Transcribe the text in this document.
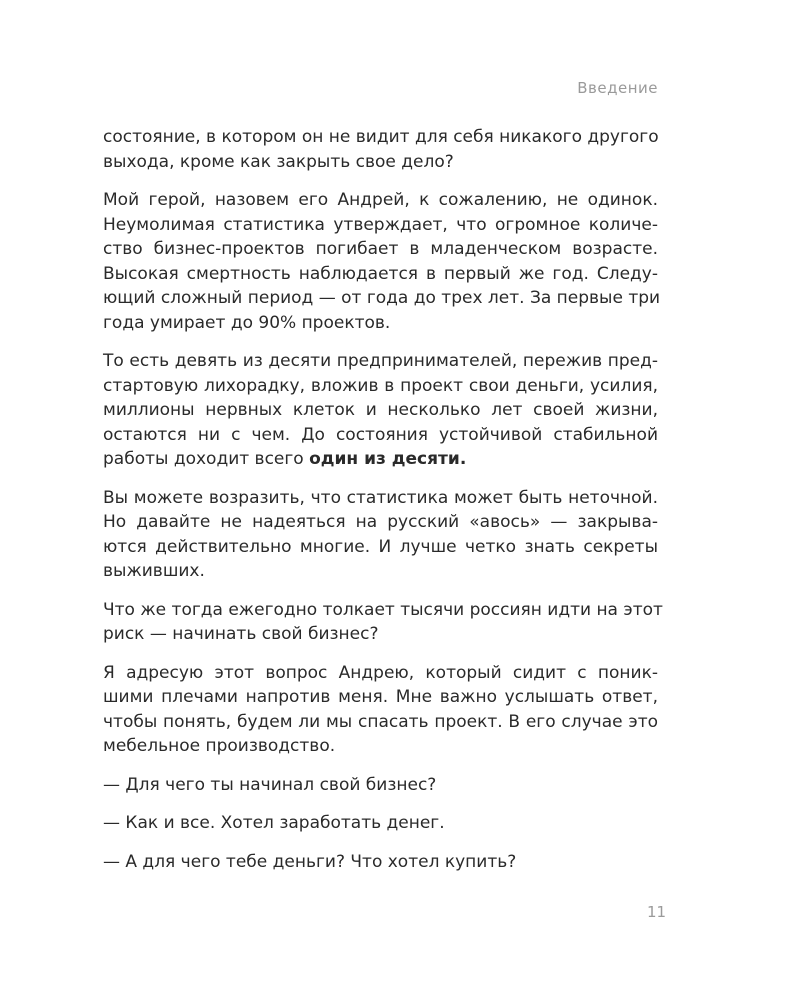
Введение

состояние, в котором он не видит для себя никакого другого
выхода, кроме как закрыть свое дело?

Мой герой, назовем его Андрей, к сожалению, не одинок.
Неумолимая статистика утверждает, что огромное количе-
ство бизнес-проектов погибает в младенческом возрасте.
Высокая смертность наблюдается в первый же год. Следу-
ющий сложный период — от года до трех лет. За первые три
года умирает до 90% проектов.

То есть девять из десяти предпринимателей, пережив пред-
стартовую лихорадку, вложив в проект свои деньги, усилия,
миллионы нервных клеток и несколько лет своей жизни,
остаются ни с чем. До состояния устойчивой стабильной
работы доходит всего один из десяти.

Вы можете возразить, что статистика может быть неточной.
Но давайте не надеяться на русский «авось» — закрыва-
ются действительно многие. И лучше четко знать секреты
выживших.

Что же тогда ежегодно толкает тысячи россиян идти на этот
риск — начинать свой бизнес?

Я адресую этот вопрос Андрею, который сидит с поник-
шими плечами напротив меня. Мне важно услышать ответ,
чтобы понять, будем ли мы спасать проект. В его случае это
мебельное производство.

— Для чего ты начинал свой бизнес?

— Как и все. Хотел заработать денег.

— А для чего тебе деньги? Что хотел купить?

11
